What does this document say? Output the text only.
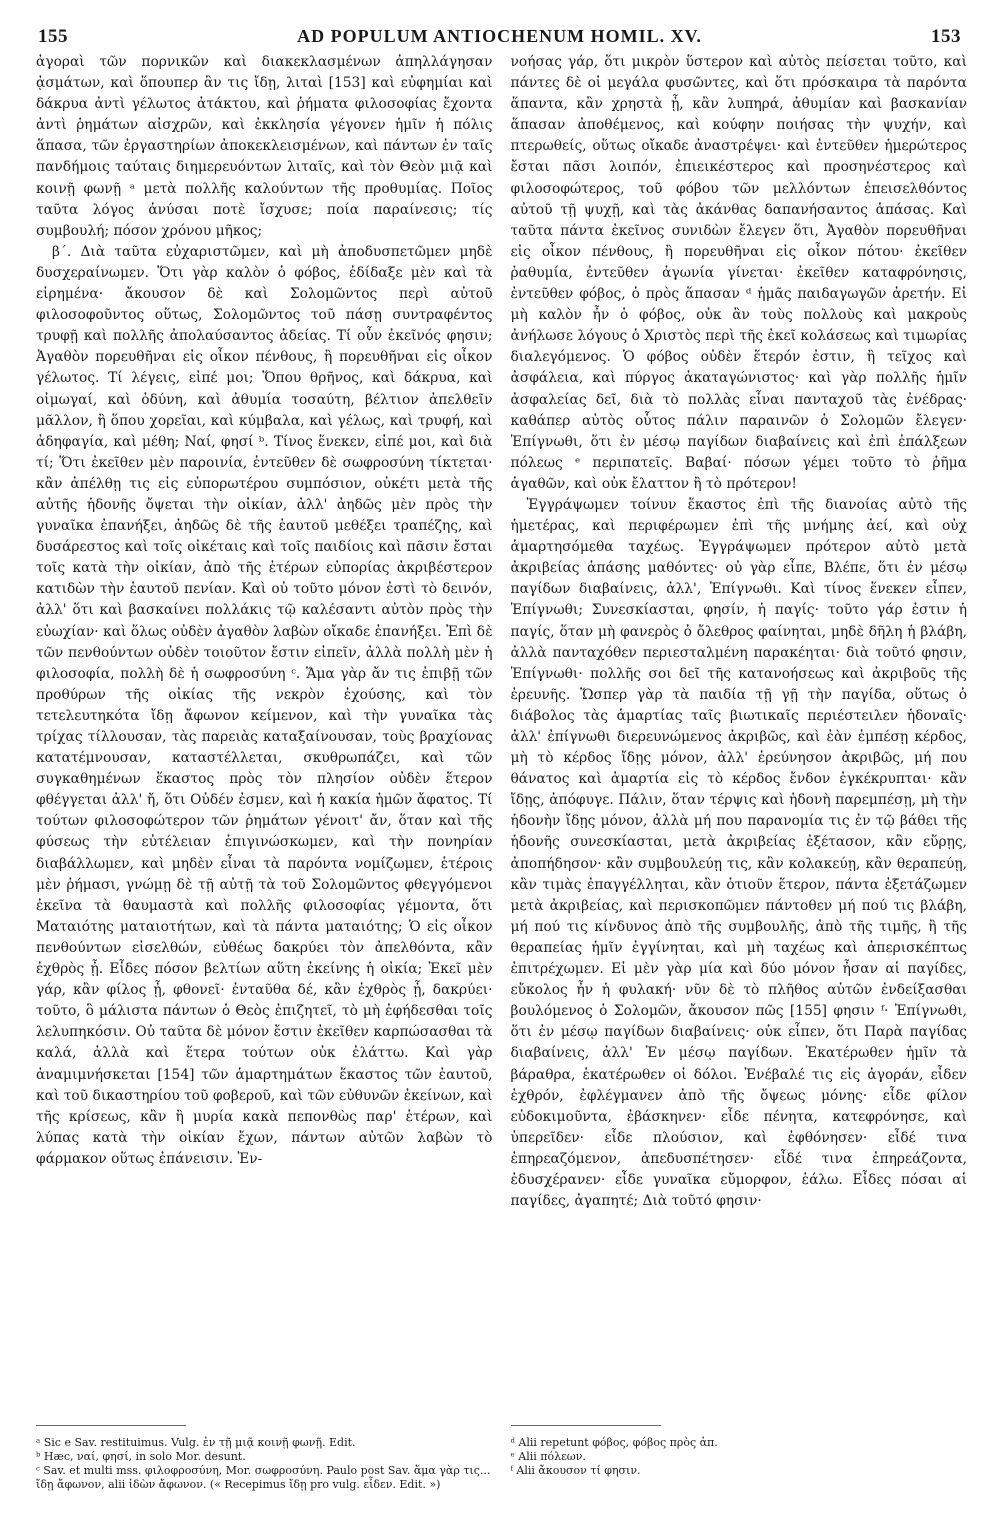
155	AD POPULUM ANTIOCHENUM HOMIL. XV.	153
ἀγοραὶ τῶν πορνικῶν καὶ διακεκλασμένων ἀπηλλάγησαν ᾀσμάτων, καὶ ὅπουπερ ἂν τις ἴδῃ, λιταὶ [153] καὶ εὐφημίαι καὶ δάκρυα ἀντὶ γέλωτος ἀτάκτου, καὶ ῥήματα φιλοσοφίας ἔχοντα ἀντὶ ῥημάτων αἰσχρῶν, καὶ ἐκκλησία γέγονεν ἡμῖν ἡ πόλις ἅπασα, τῶν ἐργαστηρίων ἀποκεκλεισμένων, καὶ πάντων ἐν ταῖς πανδήμοις ταύταις διημερευόντων λιταῖς, καὶ τὸν Θεὸν μιᾷ καὶ κοινῇ φωνῇ ᵃ μετὰ πολλῆς καλούντων τῆς προθυμίας. Ποῖος ταῦτα λόγος ἀνύσαι ποτὲ ἴσχυσε; ποία παραίνεσις; τίς συμβουλή; πόσον χρόνου μῆκος;
β΄. Διὰ ταῦτα εὐχαριστῶμεν, καὶ μὴ ἀποδυσπετῶμεν μηδὲ δυσχεραίνωμεν. Ὅτι γὰρ καλὸν ὁ φόβος, ἐδίδαξε μὲν καὶ τὰ εἰρημένα· ἄκουσον δὲ καὶ Σολομῶντος περὶ αὐτοῦ φιλοσοφοῦντος οὕτως, Σολομῶντος τοῦ πάσῃ συντραφέντος τρυφῇ καὶ πολλῆς ἀπολαύσαντος ἀδείας. Τί οὖν ἐκεῖνός φησιν; Ἀγαθὸν πορευθῆναι εἰς οἶκον πένθους, ἢ πορευθῆναι εἰς οἶκον γέλωτος. Τί λέγεις, εἰπέ μοι; Ὅπου θρῆνος, καὶ δάκρυα, καὶ οἰμωγαί, καὶ ὀδύνη, καὶ ἀθυμία τοσαύτη, βέλτιον ἀπελθεῖν μᾶλλον, ἢ ὅπου χορεῖαι, καὶ κύμβαλα, καὶ γέλως, καὶ τρυφή, καὶ ἀδηφαγία, καὶ μέθη; Ναί, φησί ᵇ. Τίνος ἕνεκεν, εἰπέ μοι, καὶ διὰ τί; Ὅτι ἐκεῖθεν μὲν παροινία, ἐντεῦθεν δὲ σωφροσύνη τίκτεται· κἂν ἀπέλθῃ τις εἰς εὐπορωτέρου συμπόσιον, οὐκέτι μετὰ τῆς αὐτῆς ἡδονῆς ὄψεται τὴν οἰκίαν, ἀλλ' ἀηδῶς μὲν πρὸς τὴν γυναῖκα ἐπανήξει, ἀηδῶς δὲ τῆς ἑαυτοῦ μεθέξει τραπέζης, καὶ δυσάρεστος καὶ τοῖς οἰκέταις καὶ τοῖς παιδίοις καὶ πᾶσιν ἔσται τοῖς κατὰ τὴν οἰκίαν, ἀπὸ τῆς ἑτέρων εὐπορίας ἀκριβέστερον κατιδὼν τὴν ἑαυτοῦ πενίαν. Καὶ οὐ τοῦτο μόνον ἐστὶ τὸ δεινόν, ἀλλ' ὅτι καὶ βασκαίνει πολλάκις τῷ καλέσαντι αὐτὸν πρὸς τὴν εὐωχίαν· καὶ ὅλως οὐδὲν ἀγαθὸν λαβὼν οἴκαδε ἐπανήξει. Ἐπὶ δὲ τῶν πενθούντων οὐδὲν τοιοῦτον ἔστιν εἰπεῖν, ἀλλὰ πολλὴ μὲν ἡ φιλοσοφία, πολλὴ δὲ ἡ σωφροσύνη ᶜ. Ἅμα γὰρ ἄν τις ἐπιβῇ τῶν προθύρων τῆς οἰκίας τῆς νεκρὸν ἐχούσης, καὶ τὸν τετελευτηκότα ἴδῃ ἄφωνον κείμενον, καὶ τὴν γυναῖκα τὰς τρίχας τίλλουσαν, τὰς παρειὰς καταξαίνουσαν, τοὺς βραχίονας κατατέμνουσαν, καταστέλλεται, σκυθρωπάζει, καὶ τῶν συγκαθημένων ἕκαστος πρὸς τὸν πλησίον οὐδὲν ἕτερον φθέγγεται ἀλλ' ἤ, ὅτι Οὐδέν ἐσμεν, καὶ ἡ κακία ἡμῶν ἄφατος. Τί τούτων φιλοσοφώτερον τῶν ῥημάτων γένοιτ' ἄν, ὅταν καὶ τῆς φύσεως τὴν εὐτέλειαν ἐπιγινώσκωμεν, καὶ τὴν πονηρίαν διαβάλλωμεν, καὶ μηδὲν εἶναι τὰ παρόντα νομίζωμεν, ἑτέροις μὲν ῥήμασι, γνώμῃ δὲ τῇ αὐτῇ τὰ τοῦ Σολομῶντος φθεγγόμενοι ἐκεῖνα τὰ θαυμαστὰ καὶ πολλῆς φιλοσοφίας γέμοντα, ὅτι Ματαιότης ματαιοτήτων, καὶ τὰ πάντα ματαιότης; Ὁ εἰς οἶκον πενθούντων εἰσελθών, εὐθέως δακρύει τὸν ἀπελθόντα, κἂν ἐχθρὸς ᾖ. Εἶδες πόσον βελτίων αὕτη ἐκείνης ἡ οἰκία; Ἐκεῖ μὲν γάρ, κἂν φίλος ᾖ, φθονεῖ· ἐνταῦθα δέ, κἂν ἐχθρὸς ᾖ, δακρύει· τοῦτο, ὃ μάλιστα πάντων ὁ Θεὸς ἐπιζητεῖ, τὸ μὴ ἐφήδεσθαι τοῖς λελυπηκόσιν. Οὐ ταῦτα δὲ μόνον ἔστιν ἐκεῖθεν καρπώσασθαι τὰ καλά, ἀλλὰ καὶ ἕτερα τούτων οὐκ ἐλάττω. Καὶ γὰρ ἀναμιμνήσκεται [154] τῶν ἁμαρτημάτων ἕκαστος τῶν ἑαυτοῦ, καὶ τοῦ δικαστηρίου τοῦ φοβεροῦ, καὶ τῶν εὐθυνῶν ἐκείνων, καὶ τῆς κρίσεως, κἂν ἢ μυρία κακὰ πεπονθὼς παρ' ἑτέρων, καὶ λύπας κατὰ τὴν οἰκίαν ἔχων, πάντων αὐτῶν λαβὼν τὸ φάρμακον οὕτως ἐπάνεισιν. Ἐν-
ᵃ Sic e Sav. restituimus. Vulg. ἐν τῇ μιᾷ κοινῇ φωνῇ. Edit.
ᵇ Hæc, ναί, φησί, in solo Mor. desunt.
ᶜ Sav. et multi mss. φιλοφροσύνη, Mor. σωφροσύνη. Paulo post Sav. ἅμα γὰρ τις... ἴδῃ ἄφωνον, alii ἰδὼν ἄφωνον. (« Recepimus ἴδῃ pro vulg. εἶδεν. Edit. »)
νοήσας γάρ, ὅτι μικρὸν ὕστερον καὶ αὐτὸς πείσεται τοῦτο, καὶ πάντες δὲ οἱ μεγάλα φυσῶντες, καὶ ὅτι πρόσκαιρα τὰ παρόντα ἅπαντα, κἂν χρηστὰ ᾖ, κἂν λυπηρά, ἀθυμίαν καὶ βασκανίαν ἅπασαν ἀποθέμενος, καὶ κούφην ποιήσας τὴν ψυχήν, καὶ πτερωθείς, οὕτως οἴκαδε ἀναστρέψει· καὶ ἐντεῦθεν ἡμερώτερος ἔσται πᾶσι λοιπόν, ἐπιεικέστερος καὶ προσηνέστερος καὶ φιλοσοφώτερος, τοῦ φόβου τῶν μελλόντων ἐπεισελθόντος αὐτοῦ τῇ ψυχῇ, καὶ τὰς ἀκάνθας δαπανήσαντος ἁπάσας. Καὶ ταῦτα πάντα ἐκεῖνος συνιδὼν ἔλεγεν ὅτι, Ἀγαθὸν πορευθῆναι εἰς οἶκον πένθους, ἢ πορευθῆναι εἰς οἶκον πότου· ἐκεῖθεν ῥαθυμία, ἐντεῦθεν ἀγωνία γίνεται· ἐκεῖθεν καταφρόνησις, ἐντεῦθεν φόβος, ὁ πρὸς ἅπασαν ᵈ ἡμᾶς παιδαγωγῶν ἀρετήν. Εἰ μὴ καλὸν ἦν ὁ φόβος, οὐκ ἂν τοὺς πολλοὺς καὶ μακροὺς ἀνήλωσε λόγους ὁ Χριστὸς περὶ τῆς ἐκεῖ κολάσεως καὶ τιμωρίας διαλεγόμενος. Ὁ φόβος οὐδὲν ἕτερόν ἐστιν, ἢ τεῖχος καὶ ἀσφάλεια, καὶ πύργος ἀκαταγώνιστος· καὶ γὰρ πολλῆς ἡμῖν ἀσφαλείας δεῖ, διὰ τὸ πολλὰς εἶναι πανταχοῦ τὰς ἐνέδρας· καθάπερ αὐτὸς οὗτος πάλιν παραινῶν ὁ Σολομῶν ἔλεγεν· Ἐπίγνωθι, ὅτι ἐν μέσῳ παγίδων διαβαίνεις καὶ ἐπὶ ἐπάλξεων πόλεως ᵉ περιπατεῖς. Βαβαί· πόσων γέμει τοῦτο τὸ ῥῆμα ἀγαθῶν, καὶ οὐκ ἔλαττον ἢ τὸ πρότερον!
Ἐγγράψωμεν τοίνυν ἕκαστος ἐπὶ τῆς διανοίας αὐτὸ τῆς ἡμετέρας, καὶ περιφέρωμεν ἐπὶ τῆς μνήμης ἀεί, καὶ οὐχ ἁμαρτησόμεθα ταχέως. Ἐγγράψωμεν πρότερον αὐτὸ μετὰ ἀκριβείας ἁπάσης μαθόντες· οὐ γὰρ εἶπε, Βλέπε, ὅτι ἐν μέσῳ παγίδων διαβαίνεις, ἀλλ', Ἐπίγνωθι. Καὶ τίνος ἕνεκεν εἶπεν, Ἐπίγνωθι; Συνεσκίασται, φησίν, ἡ παγίς· τοῦτο γάρ ἐστιν ἡ παγίς, ὅταν μὴ φανερὸς ὁ ὄλεθρος φαίνηται, μηδὲ δῆλη ἡ βλάβη, ἀλλὰ πανταχόθεν περιεσταλμένη παρακέηται· διὰ τοῦτό φησιν, Ἐπίγνωθι· πολλῆς σοι δεῖ τῆς κατανοήσεως καὶ ἀκριβοῦς τῆς ἐρευνῆς. Ὥσπερ γὰρ τὰ παιδία τῇ γῇ τὴν παγίδα, οὕτως ὁ διάβολος τὰς ἁμαρτίας ταῖς βιωτικαῖς περιέστειλεν ἡδοναῖς· ἀλλ' ἐπίγνωθι διερευνώμενος ἀκριβῶς, καὶ ἐὰν ἐμπέσῃ κέρδος, μὴ τὸ κέρδος ἴδῃς μόνον, ἀλλ' ἐρεύνησον ἀκριβῶς, μή που θάνατος καὶ ἁμαρτία εἰς τὸ κέρδος ἔνδον ἐγκέκρυπται· κἂν ἴδῃς, ἀπόφυγε. Πάλιν, ὅταν τέρψις καὶ ἡδονὴ παρεμπέσῃ, μὴ τὴν ἡδονὴν ἴδῃς μόνον, ἀλλὰ μή που παρανομία τις ἐν τῷ βάθει τῆς ἡδονῆς συνεσκίασται, μετὰ ἀκριβείας ἐξέτασον, κἂν εὕρῃς, ἀποπήδησον· κἂν συμβουλεύῃ τις, κἂν κολακεύῃ, κἂν θεραπεύῃ, κἂν τιμὰς ἐπαγγέλληται, κἂν ὁτιοῦν ἕτερον, πάντα ἐξετάζωμεν μετὰ ἀκριβείας, καὶ περισκοπῶμεν πάντοθεν μή πού τις βλάβη, μή πού τις κίνδυνος ἀπὸ τῆς συμβουλῆς, ἀπὸ τῆς τιμῆς, ἢ τῆς θεραπείας ἡμῖν ἐγγίνηται, καὶ μὴ ταχέως καὶ ἀπερισκέπτως ἐπιτρέχωμεν. Εἰ μὲν γὰρ μία καὶ δύο μόνον ἦσαν αἱ παγίδες, εὔκολος ἦν ἡ φυλακή· νῦν δὲ τὸ πλῆθος αὐτῶν ἐνδείξασθαι βουλόμενος ὁ Σολομῶν, ἄκουσον πῶς [155] φησιν ᶠ· Ἐπίγνωθι, ὅτι ἐν μέσῳ παγίδων διαβαίνεις· οὐκ εἶπεν, ὅτι Παρὰ παγίδας διαβαίνεις, ἀλλ' Ἐν μέσῳ παγίδων. Ἑκατέρωθεν ἡμῖν τὰ βάραθρα, ἑκατέρωθεν οἱ δόλοι. Ἐνέβαλέ τις εἰς ἀγοράν, εἶδεν ἐχθρόν, ἐφλέγμανεν ἀπὸ τῆς ὄψεως μόνης· εἶδε φίλον εὐδοκιμοῦντα, ἐβάσκηνεν· εἶδε πένητα, κατεφρόνησε, καὶ ὑπερεῖδεν· εἶδε πλούσιον, καὶ ἐφθόνησεν· εἶδέ τινα ἐπηρεαζόμενον, ἀπεδυσπέτησεν· εἶδέ τινα ἐπηρεάζοντα, ἐδυσχέρανεν· εἶδε γυναῖκα εὔμορφον, ἑάλω. Εἶδες πόσαι αἱ παγίδες, ἀγαπητέ; Διὰ τοῦτό φησιν·
ᵈ Alii repetunt φόβος, φόβος πρὸς ἀπ.
ᵉ Alii πόλεων.
ᶠ Alii ἄκουσον τί φησιν.
